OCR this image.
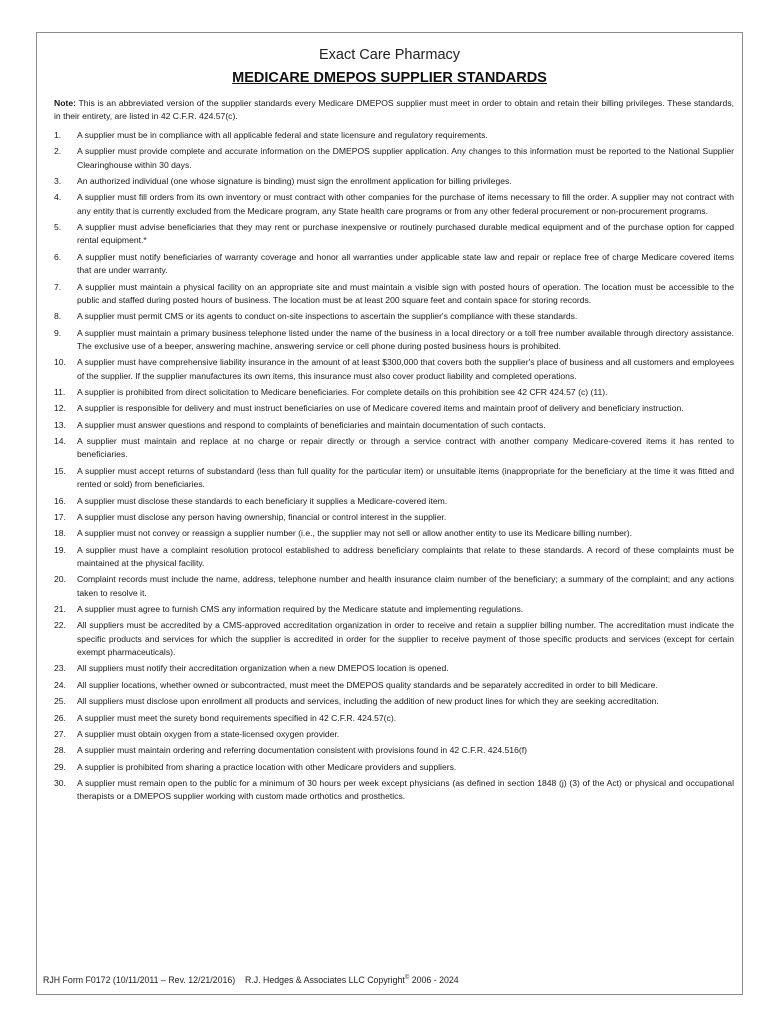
Exact Care Pharmacy
MEDICARE DMEPOS SUPPLIER STANDARDS
Note: This is an abbreviated version of the supplier standards every Medicare DMEPOS supplier must meet in order to obtain and retain their billing privileges. These standards, in their entirety, are listed in 42 C.F.R. 424.57(c).
1. A supplier must be in compliance with all applicable federal and state licensure and regulatory requirements.
2. A supplier must provide complete and accurate information on the DMEPOS supplier application. Any changes to this information must be reported to the National Supplier Clearinghouse within 30 days.
3. An authorized individual (one whose signature is binding) must sign the enrollment application for billing privileges.
4. A supplier must fill orders from its own inventory or must contract with other companies for the purchase of items necessary to fill the order. A supplier may not contract with any entity that is currently excluded from the Medicare program, any State health care programs or from any other federal procurement or non-procurement programs.
5. A supplier must advise beneficiaries that they may rent or purchase inexpensive or routinely purchased durable medical equipment and of the purchase option for capped rental equipment.*
6. A supplier must notify beneficiaries of warranty coverage and honor all warranties under applicable state law and repair or replace free of charge Medicare covered items that are under warranty.
7. A supplier must maintain a physical facility on an appropriate site and must maintain a visible sign with posted hours of operation. The location must be accessible to the public and staffed during posted hours of business. The location must be at least 200 square feet and contain space for storing records.
8. A supplier must permit CMS or its agents to conduct on-site inspections to ascertain the supplier's compliance with these standards.
9. A supplier must maintain a primary business telephone listed under the name of the business in a local directory or a toll free number available through directory assistance. The exclusive use of a beeper, answering machine, answering service or cell phone during posted business hours is prohibited.
10. A supplier must have comprehensive liability insurance in the amount of at least $300,000 that covers both the supplier's place of business and all customers and employees of the supplier. If the supplier manufactures its own items, this insurance must also cover product liability and completed operations.
11. A supplier is prohibited from direct solicitation to Medicare beneficiaries. For complete details on this prohibition see 42 CFR 424.57 (c) (11).
12. A supplier is responsible for delivery and must instruct beneficiaries on use of Medicare covered items and maintain proof of delivery and beneficiary instruction.
13. A supplier must answer questions and respond to complaints of beneficiaries and maintain documentation of such contacts.
14. A supplier must maintain and replace at no charge or repair directly or through a service contract with another company Medicare-covered items it has rented to beneficiaries.
15. A supplier must accept returns of substandard (less than full quality for the particular item) or unsuitable items (inappropriate for the beneficiary at the time it was fitted and rented or sold) from beneficiaries.
16. A supplier must disclose these standards to each beneficiary it supplies a Medicare-covered item.
17. A supplier must disclose any person having ownership, financial or control interest in the supplier.
18. A supplier must not convey or reassign a supplier number (i.e., the supplier may not sell or allow another entity to use its Medicare billing number).
19. A supplier must have a complaint resolution protocol established to address beneficiary complaints that relate to these standards. A record of these complaints must be maintained at the physical facility.
20. Complaint records must include the name, address, telephone number and health insurance claim number of the beneficiary; a summary of the complaint; and any actions taken to resolve it.
21. A supplier must agree to furnish CMS any information required by the Medicare statute and implementing regulations.
22. All suppliers must be accredited by a CMS-approved accreditation organization in order to receive and retain a supplier billing number. The accreditation must indicate the specific products and services for which the supplier is accredited in order for the supplier to receive payment of those specific products and services (except for certain exempt pharmaceuticals).
23. All suppliers must notify their accreditation organization when a new DMEPOS location is opened.
24. All supplier locations, whether owned or subcontracted, must meet the DMEPOS quality standards and be separately accredited in order to bill Medicare.
25. All suppliers must disclose upon enrollment all products and services, including the addition of new product lines for which they are seeking accreditation.
26. A supplier must meet the surety bond requirements specified in 42 C.F.R. 424.57(c).
27. A supplier must obtain oxygen from a state-licensed oxygen provider.
28. A supplier must maintain ordering and referring documentation consistent with provisions found in 42 C.F.R. 424.516(f)
29. A supplier is prohibited from sharing a practice location with other Medicare providers and suppliers.
30. A supplier must remain open to the public for a minimum of 30 hours per week except physicians (as defined in section 1848 (j) (3) of the Act) or physical and occupational therapists or a DMEPOS supplier working with custom made orthotics and prosthetics.
RJH Form F0172 (10/11/2011 – Rev. 12/21/2016) R.J. Hedges & Associates LLC Copyright© 2006 - 2024
